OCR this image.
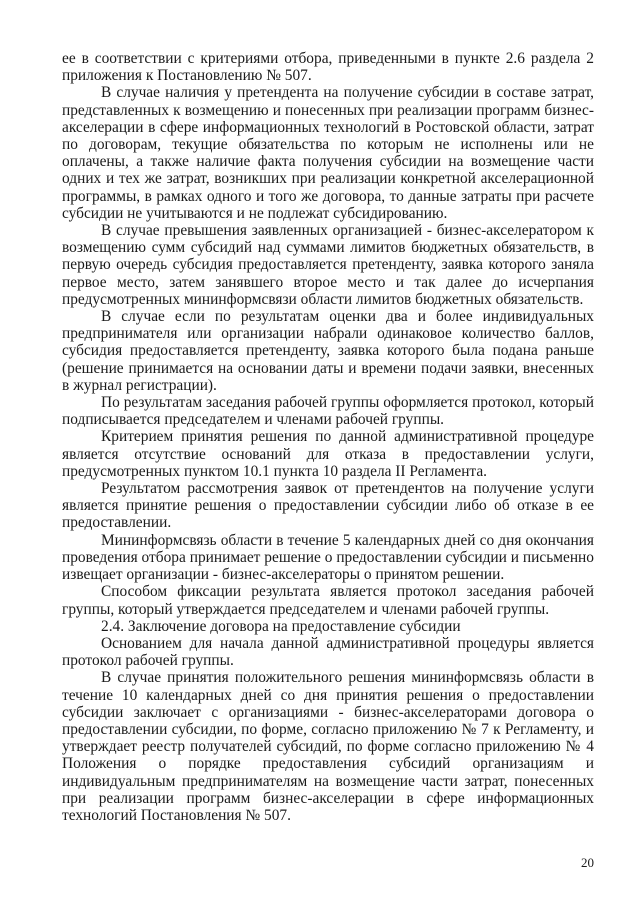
ее в соответствии с критериями отбора, приведенными в пункте 2.6 раздела 2 приложения к Постановлению № 507.

В случае наличия у претендента на получение субсидии в составе затрат, представленных к возмещению и понесенных при реализации программ бизнес-акселерации в сфере информационных технологий в Ростовской области, затрат по договорам, текущие обязательства по которым не исполнены или не оплачены, а также наличие факта получения субсидии на возмещение части одних и тех же затрат, возникших при реализации конкретной акселерационной программы, в рамках одного и того же договора, то данные затраты при расчете субсидии не учитываются и не подлежат субсидированию.

В случае превышения заявленных организацией - бизнес-акселератором к возмещению сумм субсидий над суммами лимитов бюджетных обязательств, в первую очередь субсидия предоставляется претенденту, заявка которого заняла первое место, затем занявшего второе место и так далее до исчерпания предусмотренных мининформсвязи области лимитов бюджетных обязательств.

В случае если по результатам оценки два и более индивидуальных предпринимателя или организации набрали одинаковое количество баллов, субсидия предоставляется претенденту, заявка которого была подана раньше (решение принимается на основании даты и времени подачи заявки, внесенных в журнал регистрации).

По результатам заседания рабочей группы оформляется протокол, который подписывается председателем и членами рабочей группы.

Критерием принятия решения по данной административной процедуре является отсутствие оснований для отказа в предоставлении услуги, предусмотренных пунктом 10.1 пункта 10 раздела II Регламента.

Результатом рассмотрения заявок от претендентов на получение услуги является принятие решения о предоставлении субсидии либо об отказе в ее предоставлении.

Мининформсвязь области в течение 5 календарных дней со дня окончания проведения отбора принимает решение о предоставлении субсидии и письменно извещает организации - бизнес-акселераторы о принятом решении.

Способом фиксации результата является протокол заседания рабочей группы, который утверждается председателем и членами рабочей группы.

2.4. Заключение договора на предоставление субсидии

Основанием для начала данной административной процедуры является протокол рабочей группы.

В случае принятия положительного решения мининформсвязь области в течение 10 календарных дней со дня принятия решения о предоставлении субсидии заключает с организациями - бизнес-акселераторами договора о предоставлении субсидии, по форме, согласно приложению № 7 к Регламенту, и утверждает реестр получателей субсидий, по форме согласно приложению № 4 Положения о порядке предоставления субсидий организациям и индивидуальным предпринимателям на возмещение части затрат, понесенных при реализации программ бизнес-акселерации в сфере информационных технологий Постановления № 507.

20
